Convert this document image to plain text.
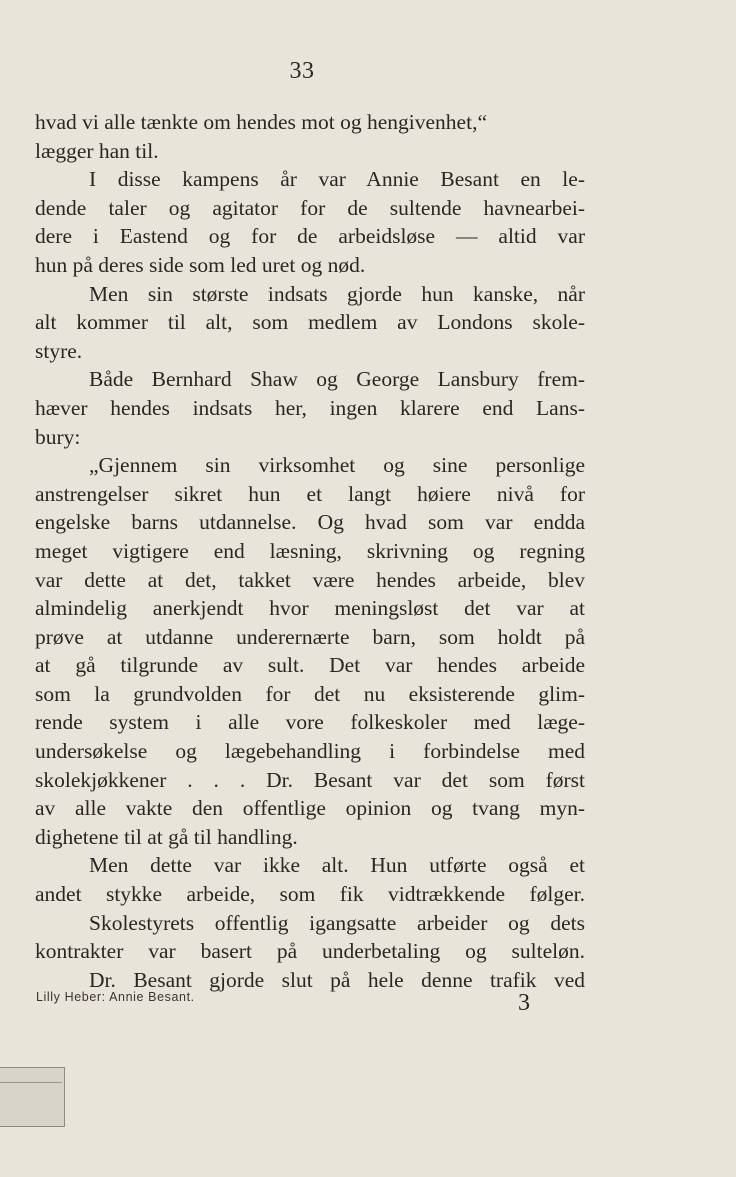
33
hvad vi alle tænkte om hendes mot og hengivenhet,“
lægger han til.
I disse kampens år var Annie Besant en le-
dende taler og agitator for de sultende havnearbei-
dere i Eastend og for de arbeidsløse — altid var
hun på deres side som led uret og nød.
Men sin største indsats gjorde hun kanske, når
alt kommer til alt, som medlem av Londons skole-
styre.
Både Bernhard Shaw og George Lansbury frem-
hæver hendes indsats her, ingen klarere end Lans-
bury:
„Gjennem sin virksomhet og sine personlige
anstrengelser sikret hun et langt høiere nivå for
engelske barns utdannelse. Og hvad som var endda
meget vigtigere end læsning, skrivning og regning
var dette at det, takket være hendes arbeide, blev
almindelig anerkjendt hvor meningsløst det var at
prøve at utdanne underernærte barn, som holdt på
at gå tilgrunde av sult. Det var hendes arbeide
som la grundvolden for det nu eksisterende glim-
rende system i alle vore folkeskoler med læge-
undersøkelse og lægebehandling i forbindelse med
skolekjøkkener . . . Dr. Besant var det som først
av alle vakte den offentlige opinion og tvang myn-
dighetene til at gå til handling.
Men dette var ikke alt. Hun utførte også et
andet stykke arbeide, som fik vidtrækkende følger.
Skolestyrets offentlig igangsatte arbeider og dets
kontrakter var basert på underbetaling og sulteløn.
Dr. Besant gjorde slut på hele denne trafik ved
Lilly Heber: Annie Besant.	3
